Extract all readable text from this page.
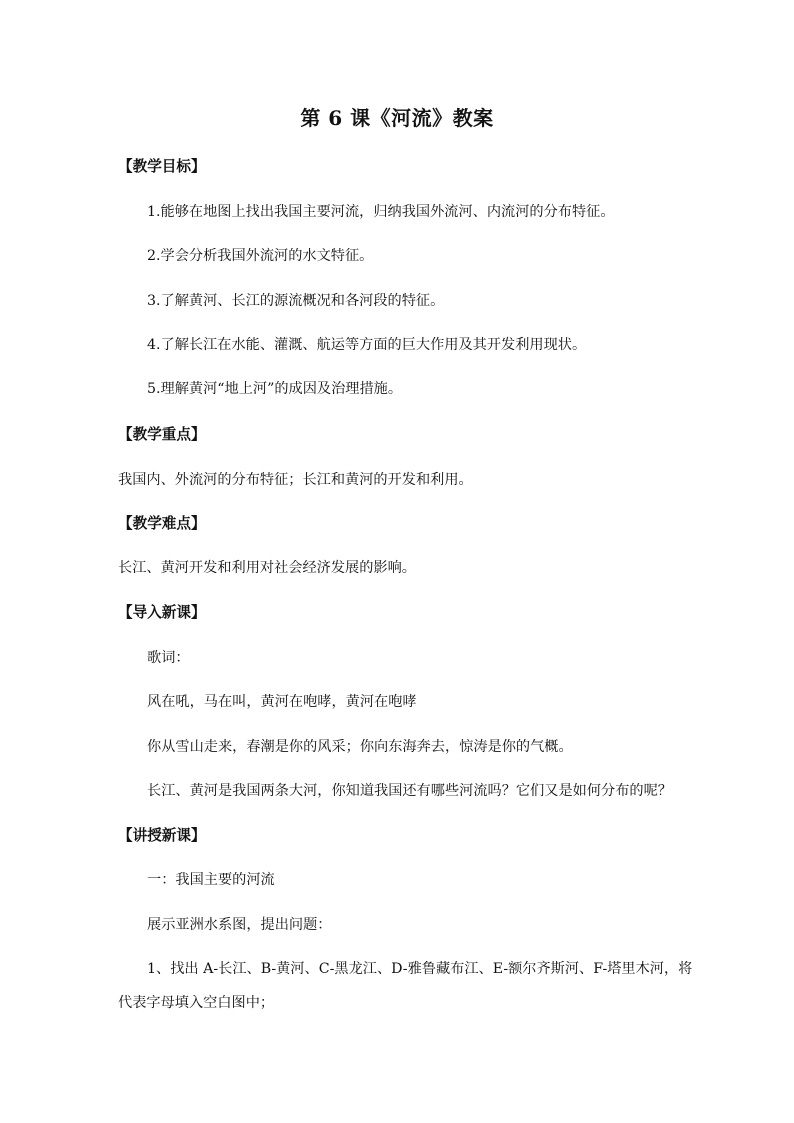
第 6 课《河流》教案
【教学目标】
1.能够在地图上找出我国主要河流，归纳我国外流河、内流河的分布特征。
2.学会分析我国外流河的水文特征。
3.了解黄河、长江的源流概况和各河段的特征。
4.了解长江在水能、灌溉、航运等方面的巨大作用及其开发利用现状。
5.理解黄河“地上河”的成因及治理措施。
【教学重点】
我国内、外流河的分布特征；长江和黄河的开发和利用。
【教学难点】
长江、黄河开发和利用对社会经济发展的影响。
【导入新课】
歌词：
风在吼，马在叫，黄河在咆哮，黄河在咆哮
你从雪山走来，春潮是你的风采；你向东海奔去，惊涛是你的气概。
长江、黄河是我国两条大河，你知道我国还有哪些河流吗？它们又是如何分布的呢？
【讲授新课】
一：我国主要的河流
展示亚洲水系图，提出问题：
1、找出 A-长江、B-黄河、C-黑龙江、D-雅鲁藏布江、E-额尔齐斯河、F-塔里木河，将
代表字母填入空白图中；
